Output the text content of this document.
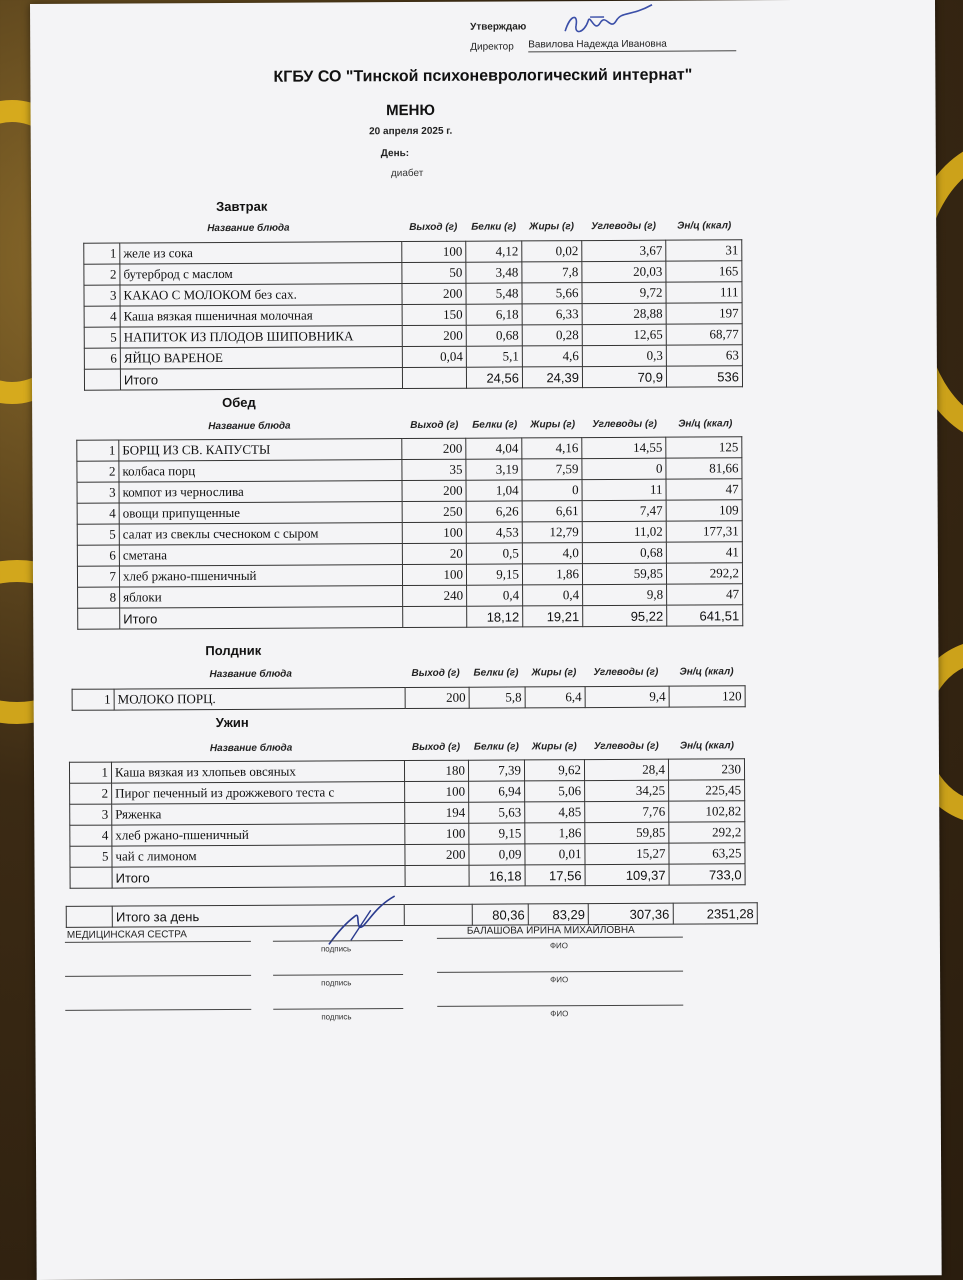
Утверждаю
Директор Вавилова Надежда Ивановна
КГБУ СО "Тинской психоневрологический интернат"
МЕНЮ
20 апреля 2025 г.
День:
диабет
Завтрак
Название блюда	Выход (г) Белки (г) Жиры (г) Углеводы (г) Эн/ц (ккал)
1	желе из сока	100	4,12	0,02	3,67	31
2	бутерброд с маслом	50	3,48	7,8	20,03	165
3	КАКАО С МОЛОКОМ без сах.	200	5,48	5,66	9,72	111
4	Каша вязкая пшеничная молочная	150	6,18	6,33	28,88	197
5	НАПИТОК ИЗ ПЛОДОВ ШИПОВНИКА	200	0,68	0,28	12,65	68,77
6	ЯЙЦО ВАРЕНОЕ	0,04	5,1	4,6	0,3	63
	Итого		24,56	24,39	70,9	536
Обед
Название блюда	Выход (г) Белки (г) Жиры (г) Углеводы (г) Эн/ц (ккал)
1	БОРЩ ИЗ СВ. КАПУСТЫ	200	4,04	4,16	14,55	125
2	колбаса порц	35	3,19	7,59	0	81,66
3	компот из чернослива	200	1,04	0	11	47
4	овощи припущенные	250	6,26	6,61	7,47	109
5	салат из свеклы счесноком с сыром	100	4,53	12,79	11,02	177,31
6	сметана	20	0,5	4,0	0,68	41
7	хлеб ржано-пшеничный	100	9,15	1,86	59,85	292,2
8	яблоки	240	0,4	0,4	9,8	47
	Итого		18,12	19,21	95,22	641,51
Полдник
Название блюда	Выход (г) Белки (г) Жиры (г) Углеводы (г) Эн/ц (ккал)
1	МОЛОКО ПОРЦ.	200	5,8	6,4	9,4	120
Ужин
Название блюда	Выход (г) Белки (г) Жиры (г) Углеводы (г) Эн/ц (ккал)
1	Каша вязкая из хлопьев овсяных	180	7,39	9,62	28,4	230
2	Пирог печенный из дрожжевого теста с	100	6,94	5,06	34,25	225,45
3	Ряженка	194	5,63	4,85	7,76	102,82
4	хлеб ржано-пшеничный	100	9,15	1,86	59,85	292,2
5	чай с лимоном	200	0,09	0,01	15,27	63,25
	Итого		16,18	17,56	109,37	733,0
	Итого за день		80,36	83,29	307,36	2351,28
МЕДИЦИНСКАЯ СЕСТРА
подпись
БАЛАШОВА ИРИНА МИХАЙЛОВНА
ФИО
подпись	ФИО
подпись	ФИО
